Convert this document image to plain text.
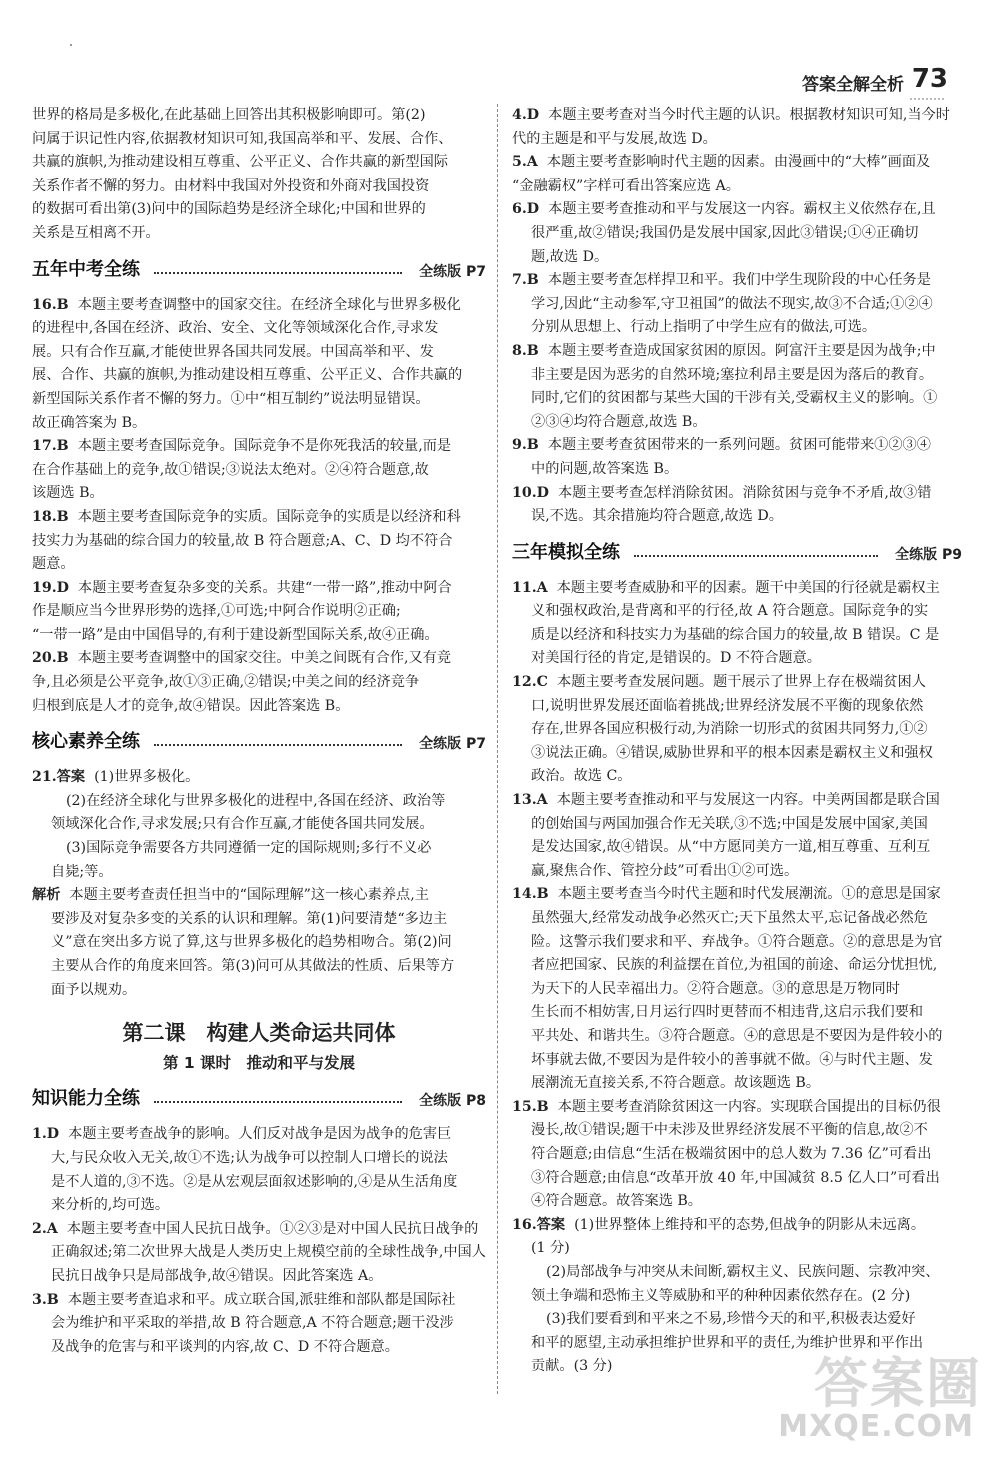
答案全解全析 73

世界的格局是多极化,在此基础上回答出其积极影响即可。第(2)

问属于识记性内容,依据教材知识可知,我国高举和平、发展、合作、

共赢的旗帜,为推动建设相互尊重、公平正义、合作共赢的新型国际

关系作者不懈的努力。由材料中我国对外投资和外商对我国投资

的数据可看出第(3)问中的国际趋势是经济全球化;中国和世界的

关系是互相离不开。

五年中考全练	全练版 P7

16.B 本题主要考查调整中的国家交往。在经济全球化与世界多极化

的进程中,各国在经济、政治、安全、文化等领域深化合作,寻求发

展。只有合作互赢,才能使世界各国共同发展。中国高举和平、发

展、合作、共赢的旗帜,为推动建设相互尊重、公平正义、合作共赢的

新型国际关系作者不懈的努力。①中“相互制约”说法明显错误。

故正确答案为 B。

17.B 本题主要考查国际竞争。国际竞争不是你死我活的较量,而是

在合作基础上的竞争,故①错误;③说法太绝对。②④符合题意,故

该题选 B。

18.B 本题主要考查国际竞争的实质。国际竞争的实质是以经济和科

技实力为基础的综合国力的较量,故 B 符合题意;A、C、D 均不符合

题意。

19.D 本题主要考查复杂多变的关系。共建“一带一路”,推动中阿合

作是顺应当今世界形势的选择,①可选;中阿合作说明②正确;

“一带一路”是由中国倡导的,有利于建设新型国际关系,故④正确。

20.B 本题主要考查调整中的国家交往。中美之间既有合作,又有竞

争,且必须是公平竞争,故①③正确,②错误;中美之间的经济竞争

归根到底是人才的竞争,故④错误。因此答案选 B。

核心素养全练	全练版 P7

21.答案 (1)世界多极化。

(2)在经济全球化与世界多极化的进程中,各国在经济、政治等

领域深化合作,寻求发展;只有合作互赢,才能使各国共同发展。

(3)国际竞争需要各方共同遵循一定的国际规则;多行不义必

自毙;等。

解析 本题主要考查责任担当中的“国际理解”这一核心素养点,主

要涉及对复杂多变的关系的认识和理解。第(1)问要清楚“多边主

义”意在突出多方说了算,这与世界多极化的趋势相吻合。第(2)问

主要从合作的角度来回答。第(3)问可从其做法的性质、后果等方

面予以规劝。

第二课　构建人类命运共同体
第 1 课时　推动和平与发展
知识能力全练	全练版 P8

1.D 本题主要考查战争的影响。人们反对战争是因为战争的危害巨

大,与民众收入无关,故①不选;认为战争可以控制人口增长的说法

是不人道的,③不选。②是从宏观层面叙述影响的,④是从生活角度

来分析的,均可选。

2.A 本题主要考查中国人民抗日战争。①②③是对中国人民抗日战争的

正确叙述;第二次世界大战是人类历史上规模空前的全球性战争,中国人

民抗日战争只是局部战争,故④错误。因此答案选 A。

3.B 本题主要考查追求和平。成立联合国,派驻维和部队都是国际社

会为维护和平采取的举措,故 B 符合题意,A 不符合题意;题干没涉

及战争的危害与和平谈判的内容,故 C、D 不符合题意。

4.D 本题主要考查对当今时代主题的认识。根据教材知识可知,当今时

代的主题是和平与发展,故选 D。

5.A 本题主要考查影响时代主题的因素。由漫画中的“大棒”画面及

“金融霸权”字样可看出答案应选 A。

6.D 本题主要考查推动和平与发展这一内容。霸权主义依然存在,且

很严重,故②错误;我国仍是发展中国家,因此③错误;①④正确切

题,故选 D。

7.B 本题主要考查怎样捍卫和平。我们中学生现阶段的中心任务是

学习,因此“主动参军,守卫祖国”的做法不现实,故③不合适;①②④

分别从思想上、行动上指明了中学生应有的做法,可选。

8.B 本题主要考查造成国家贫困的原因。阿富汗主要是因为战争;中

非主要是因为恶劣的自然环境;塞拉利昂主要是因为落后的教育。

同时,它们的贫困都与某些大国的干涉有关,受霸权主义的影响。①

②③④均符合题意,故选 B。

9.B 本题主要考查贫困带来的一系列问题。贫困可能带来①②③④

中的问题,故答案选 B。

10.D 本题主要考查怎样消除贫困。消除贫困与竞争不矛盾,故③错

误,不选。其余措施均符合题意,故选 D。

三年模拟全练	全练版 P9

11.A 本题主要考查威胁和平的因素。题干中美国的行径就是霸权主

义和强权政治,是背离和平的行径,故 A 符合题意。国际竞争的实

质是以经济和科技实力为基础的综合国力的较量,故 B 错误。C 是

对美国行径的肯定,是错误的。D 不符合题意。

12.C 本题主要考查发展问题。题干展示了世界上存在极端贫困人

口,说明世界发展还面临着挑战;世界经济发展不平衡的现象依然

存在,世界各国应积极行动,为消除一切形式的贫困共同努力,①②

③说法正确。④错误,威胁世界和平的根本因素是霸权主义和强权

政治。故选 C。

13.A 本题主要考查推动和平与发展这一内容。中美两国都是联合国

的创始国与两国加强合作无关联,③不选;中国是发展中国家,美国

是发达国家,故④错误。从“中方愿同美方一道,相互尊重、互利互

赢,聚焦合作、管控分歧”可看出①②可选。

14.B 本题主要考查当今时代主题和时代发展潮流。①的意思是国家

虽然强大,经常发动战争必然灭亡;天下虽然太平,忘记备战必然危

险。这警示我们要求和平、弃战争。①符合题意。②的意思是为官

者应把国家、民族的利益摆在首位,为祖国的前途、命运分忧担忧,

为天下的人民幸福出力。②符合题意。③的意思是万物同时

生长而不相妨害,日月运行四时更替而不相违背,这启示我们要和

平共处、和谐共生。③符合题意。④的意思是不要因为是件较小的

坏事就去做,不要因为是件较小的善事就不做。④与时代主题、发

展潮流无直接关系,不符合题意。故该题选 B。

15.B 本题主要考查消除贫困这一内容。实现联合国提出的目标仍很

漫长,故①错误;题干中未涉及世界经济发展不平衡的信息,故②不

符合题意;由信息“生活在极端贫困中的总人数为 7.36 亿”可看出

③符合题意;由信息“改革开放 40 年,中国减贫 8.5 亿人口”可看出

④符合题意。故答案选 B。

16.答案 (1)世界整体上维持和平的态势,但战争的阴影从未远离。

(1 分)

(2)局部战争与冲突从未间断,霸权主义、民族问题、宗教冲突、

领土争端和恐怖主义等威胁和平的种种因素依然存在。(2 分)

(3)我们要看到和平来之不易,珍惜今天的和平,积极表达爱好

和平的愿望,主动承担维护世界和平的责任,为维护世界和平作出

贡献。(3 分)	答案圈
MXQE.COM
